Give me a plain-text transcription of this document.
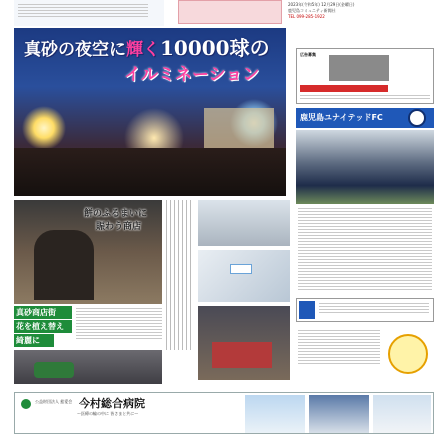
2023年(令和5年) 12月29日(金曜日)
鹿児島コミュニティ新聞社
TEL 099-285-1922
真砂の夜空に輝く10000球の
イルミネーション
広告募集
鹿児島ユナイテッドFC
餅のふるまいに
賑わう商店
真砂商店街
花を植え替え
綺麗に
公益財団法人 慈愛会 今村総合病院
〜医療の輪の中に 皆さまと共に〜
